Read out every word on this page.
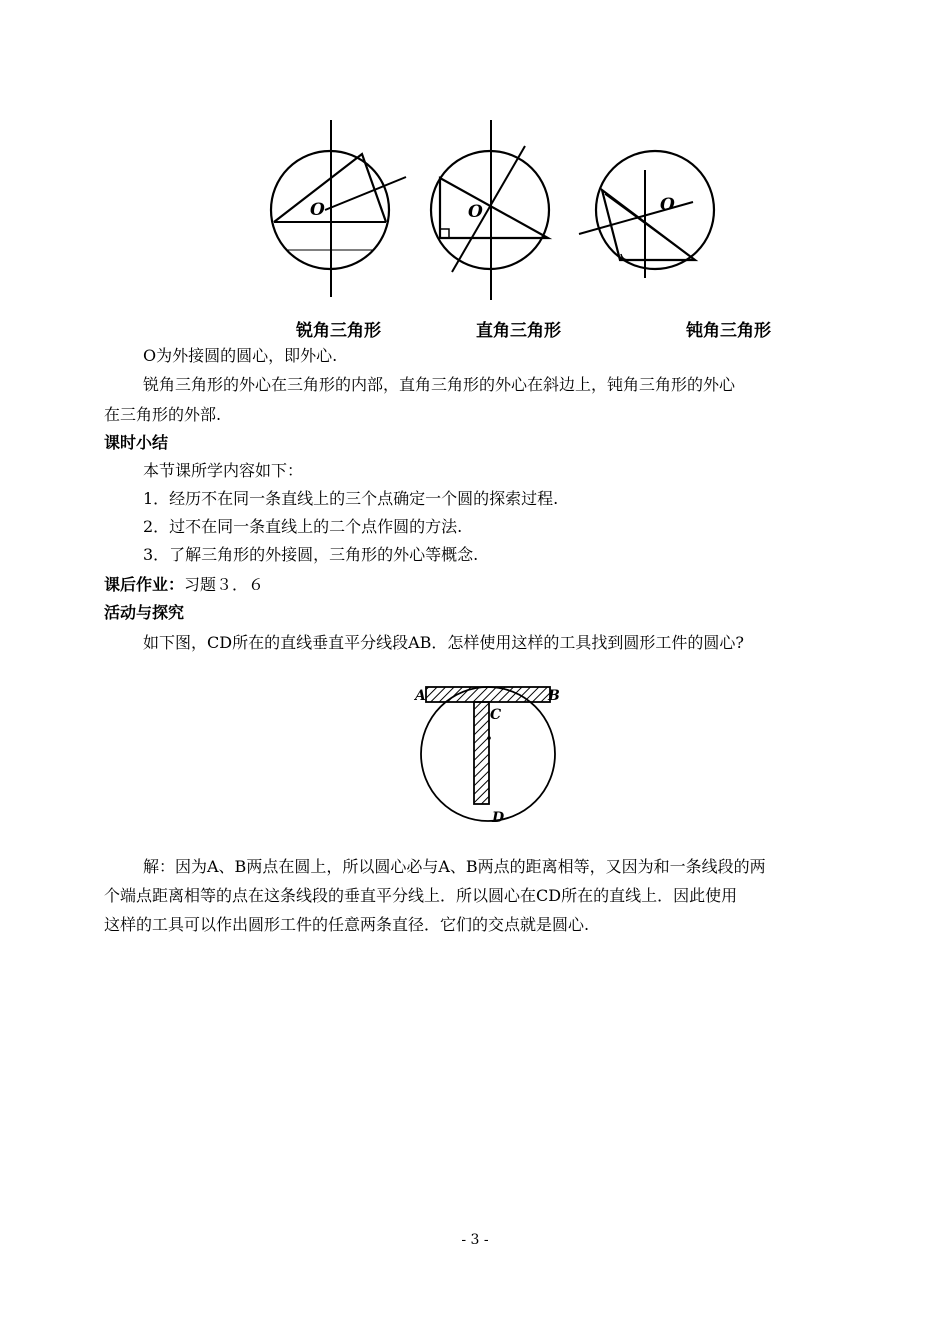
O	O	O
锐角三角形	直角三角形	钝角三角形
O为外接圆的圆心，即外心.
锐角三角形的外心在三角形的内部，直角三角形的外心在斜边上，钝角三角形的外心
在三角形的外部.
课时小结
本节课所学内容如下：
1．经历不在同一条直线上的三个点确定一个圆的探索过程.
2．过不在同一条直线上的二个点作圆的方法.
3．了解三角形的外接圆，三角形的外心等概念.
课后作业：习题３．６
活动与探究
如下图，CD所在的直线垂直平分线段AB．怎样使用这样的工具找到圆形工件的圆心?
A	B
C
D
解：因为A、B两点在圆上，所以圆心必与A、B两点的距离相等，又因为和一条线段的两
个端点距离相等的点在这条线段的垂直平分线上．所以圆心在CD所在的直线上．因此使用
这样的工具可以作出圆形工件的任意两条直径．它们的交点就是圆心.
- 3 -
